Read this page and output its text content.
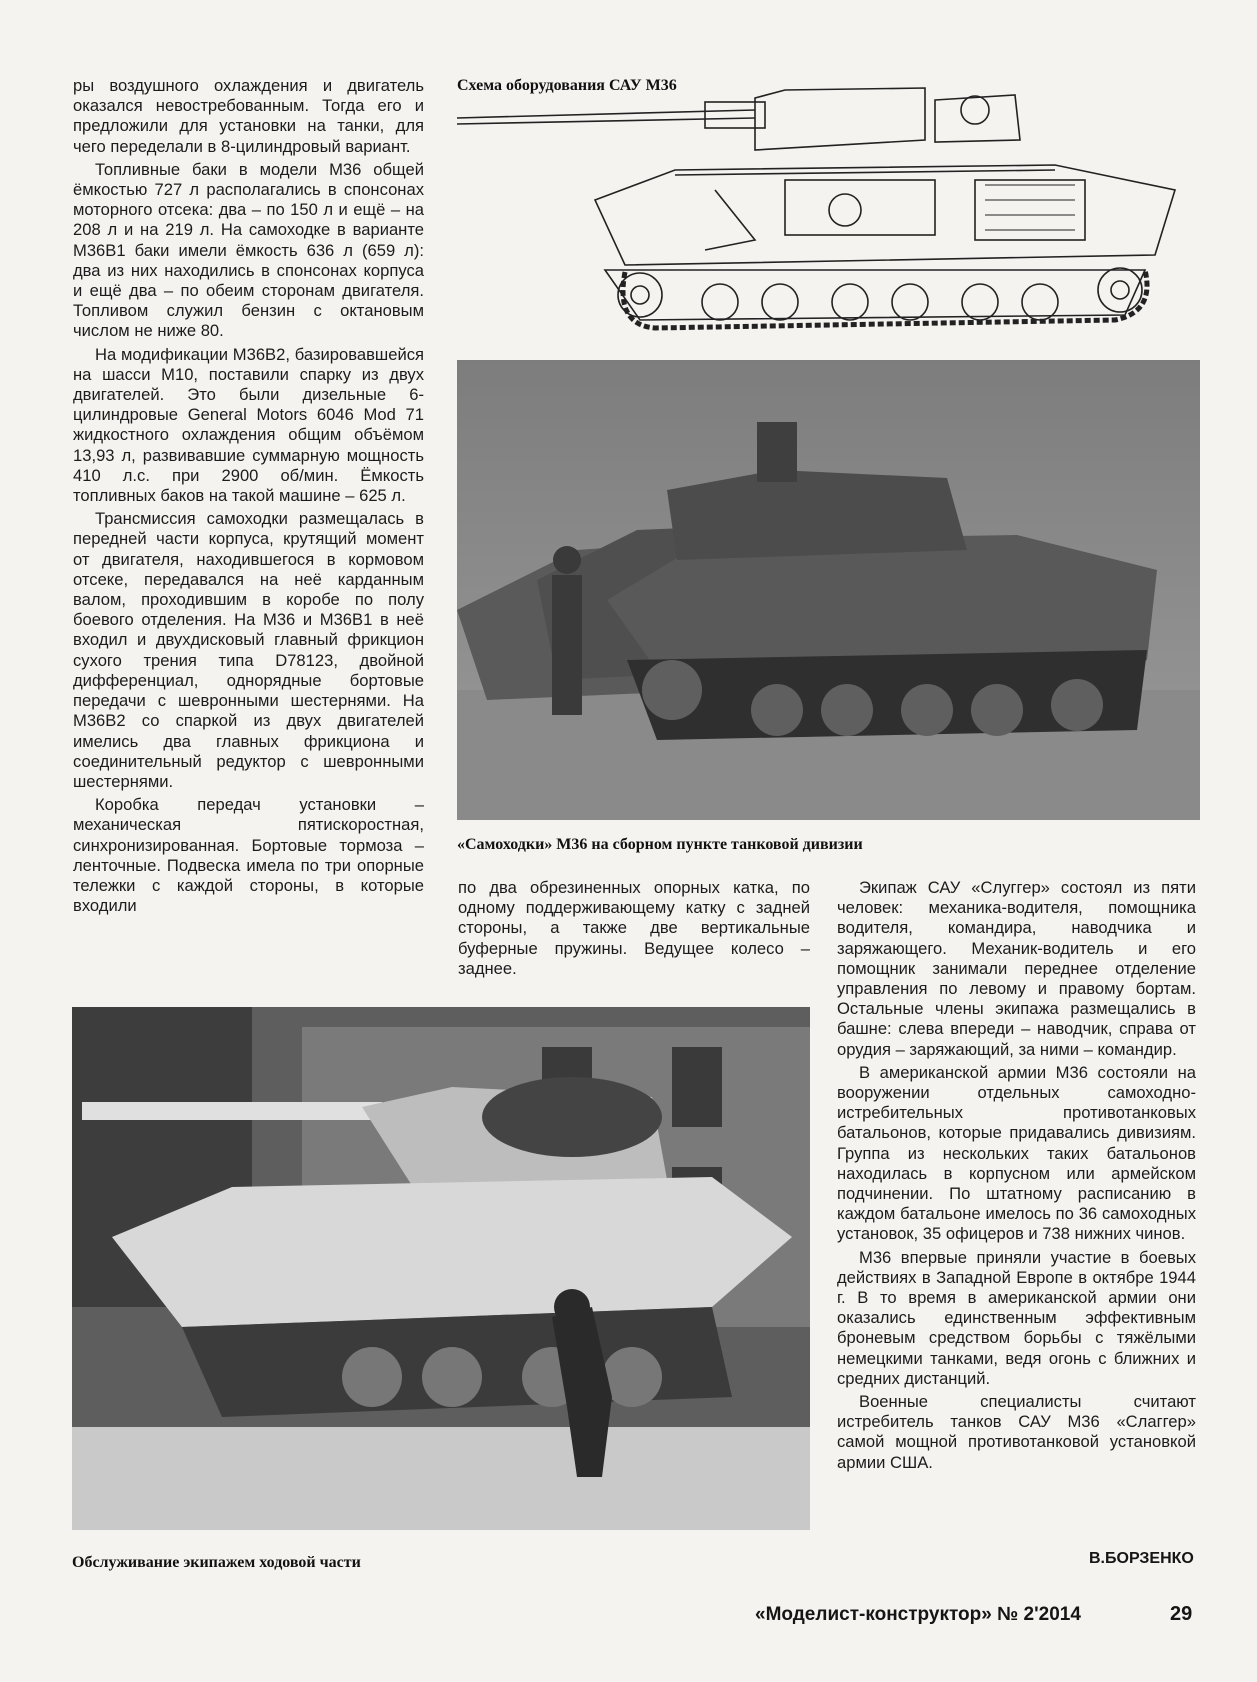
ры воздушного охлаждения и двигатель оказался невостребованным. Тогда его и предложили для установки на танки, для чего переделали в 8-цилиндровый вариант.

Топливные баки в модели М36 общей ёмкостью 727 л располагались в спонсонах моторного отсека: два – по 150 л и ещё – на 208 л и на 219 л. На самоходке в варианте М36В1 баки имели ёмкость 636 л (659 л): два из них находились в спонсонах корпуса и ещё два – по обеим сторонам двигателя. Топливом служил бензин с октановым числом не ниже 80.

На модификации М36В2, базировавшейся на шасси М10, поставили спарку из двух двигателей. Это были дизельные 6-цилиндровые General Motors 6046 Mod 71 жидкостного охлаждения общим объёмом 13,93 л, развивавшие суммарную мощность 410 л.с. при 2900 об/мин. Ёмкость топливных баков на такой машине – 625 л.

Трансмиссия самоходки размещалась в передней части корпуса, крутящий момент от двигателя, находившегося в кормовом отсеке, передавался на неё карданным валом, проходившим в коробе по полу боевого отделения. На М36 и М36В1 в неё входил и двухдисковый главный фрикцион сухого трения типа D78123, двойной дифференциал, однорядные бортовые передачи с шевронными шестернями. На М36В2 со спаркой из двух двигателей имелись два главных фрикциона и соединительный редуктор с шевронными шестернями.

Коробка передач установки – механическая пятискоростная, синхронизированная. Бортовые тормоза – ленточные. Подвеска имела по три опорные тележки с каждой стороны, в которые входили

Схема оборудования САУ М36
«Самоходки» М36 на сборном пункте танковой дивизии

по два обрезиненных опорных катка, по одному поддерживающему катку с задней стороны, а также две вертикальные буферные пружины. Ведущее колесо – заднее.

Экипаж САУ «Слуггер» состоял из пяти человек: механика-водителя, помощника водителя, командира, наводчика и заряжающего. Механик-водитель и его помощник занимали переднее отделение управления по левому и правому бортам. Остальные члены экипажа размещались в башне: слева впереди – наводчик, справа от орудия – заряжающий, за ними – командир.

В американской армии М36 состояли на вооружении отдельных самоходно-истребительных противотанковых батальонов, которые придавались дивизиям. Группа из нескольких таких батальонов находилась в корпусном или армейском подчинении. По штатному расписанию в каждом батальоне имелось по 36 самоходных установок, 35 офицеров и 738 нижних чинов.

М36 впервые приняли участие в боевых действиях в Западной Европе в октябре 1944 г. В то время в американской армии они оказались единственным эффективным броневым средством борьбы с тяжёлыми немецкими танками, ведя огонь с ближних и средних дистанций.

Военные специалисты считают истребитель танков САУ М36 «Слаггер» самой мощной противотанковой установкой армии США.

Обслуживание экипажем ходовой части	В.БОРЗЕНКО
«Моделист-конструктор» № 2'2014	29
